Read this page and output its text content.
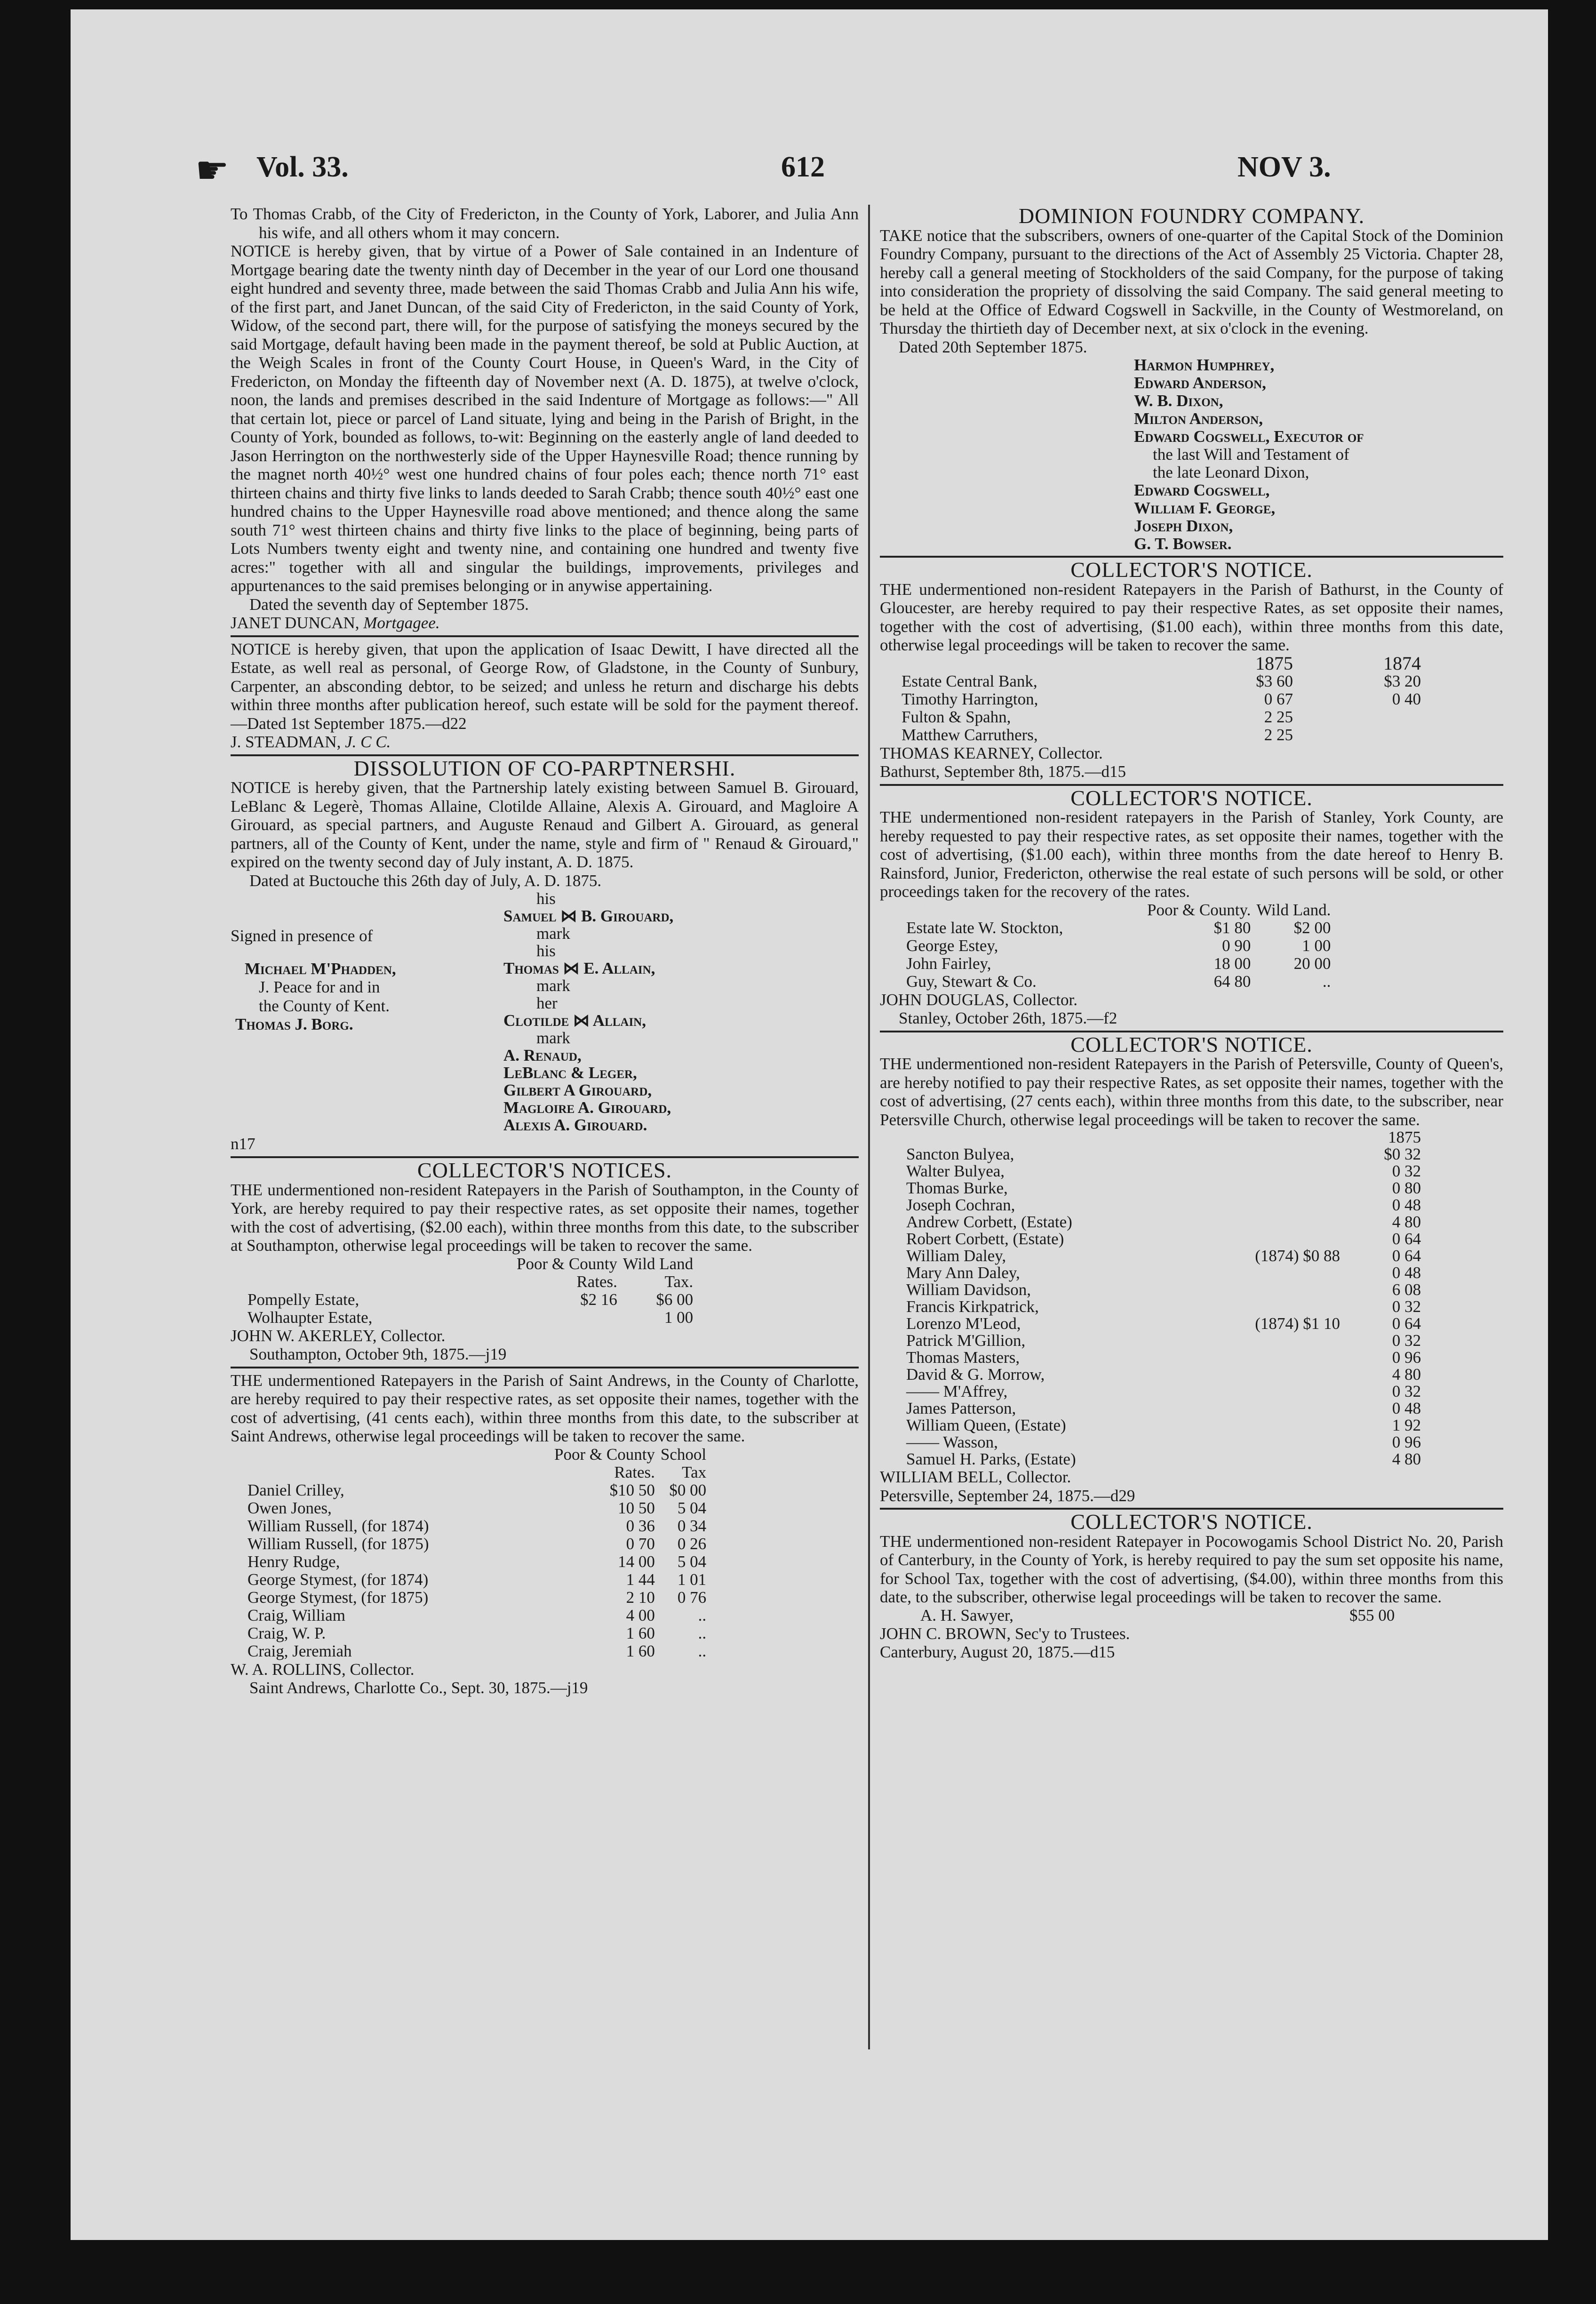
☛ Vol. 33.	612	NOV 3.

To Thomas Crabb, of the City of Fredericton, in the County of York, Laborer, and Julia Ann his wife, and all others whom it may concern.

NOTICE is hereby given, that by virtue of a Power of Sale contained in an Indenture of Mortgage bearing date the twenty ninth day of December in the year of our Lord one thousand eight hundred and seventy three, made between the said Thomas Crabb and Julia Ann his wife, of the first part, and Janet Duncan, of the said City of Fredericton, in the said County of York, Widow, of the second part, there will, for the purpose of satisfying the moneys secured by the said Mortgage, default having been made in the payment thereof, be sold at Public Auction, at the Weigh Scales in front of the County Court House, in Queen's Ward, in the City of Fredericton, on Monday the fifteenth day of November next (A. D. 1875), at twelve o'clock, noon, the lands and premises described in the said Indenture of Mortgage as follows:—" All that certain lot, piece or parcel of Land situate, lying and being in the Parish of Bright, in the County of York, bounded as follows, to-wit: Beginning on the easterly angle of land deeded to Jason Herrington on the northwesterly side of the Upper Haynesville Road; thence running by the magnet north 40½° west one hundred chains of four poles each; thence north 71° east thirteen chains and thirty five links to lands deeded to Sarah Crabb; thence south 40½° east one hundred chains to the Upper Haynesville road above mentioned; and thence along the same south 71° west thirteen chains and thirty five links to the place of beginning, being parts of Lots Numbers twenty eight and twenty nine, and containing one hundred and twenty five acres:" together with all and singular the buildings, improvements, privileges and appurtenances to the said premises belonging or in anywise appertaining.

Dated the seventh day of September 1875.

JANET DUNCAN, Mortgagee.

NOTICE is hereby given, that upon the application of Isaac Dewitt, I have directed all the Estate, as well real as personal, of George Row, of Gladstone, in the County of Sunbury, Carpenter, an absconding debtor, to be seized; and unless he return and discharge his debts within three months after publication hereof, such estate will be sold for the payment thereof.—Dated 1st September 1875.—d22

J. STEADMAN, J. C C.

DISSOLUTION OF CO-PARPTNERSHI.

NOTICE is hereby given, that the Partnership lately existing between Samuel B. Girouard, LeBlanc & Legerè, Thomas Allaine, Clotilde Allaine, Alexis A. Girouard, and Magloire A Girouard, as special partners, and Auguste Renaud and Gilbert A. Girouard, as general partners, all of the County of Kent, under the name, style and firm of " Renaud & Girouard," expired on the twenty second day of July instant, A. D. 1875.

Dated at Buctouche this 26th day of July, A. D. 1875.

Signed in presence of
Michael M'Phadden,
J. Peace for and in
the County of Kent.
Thomas J. Borg.
his
Samuel ⋈ B. Girouard,
mark
his
Thomas ⋈ E. Allain,
mark
her
Clotilde ⋈ Allain,
mark
A. Renaud,
LeBlanc & Leger,
Gilbert A Girouard,
Magloire A. Girouard,
Alexis A. Girouard.
n17
COLLECTOR'S NOTICES.

THE undermentioned non-resident Ratepayers in the Parish of Southampton, in the County of York, are hereby required to pay their respective rates, as set opposite their names, together with the cost of advertising, ($2.00 each), within three months from this date, to the subscriber at Southampton, otherwise legal proceedings will be taken to recover the same.

	Poor & County	Wild Land
	Rates.	Tax.
Pompelly Estate,	$2 16	$6 00
Wolhaupter Estate,		1 00

JOHN W. AKERLEY, Collector.

Southampton, October 9th, 1875.—j19

THE undermentioned Ratepayers in the Parish of Saint Andrews, in the County of Charlotte, are hereby required to pay their respective rates, as set opposite their names, together with the cost of advertising, (41 cents each), within three months from this date, to the subscriber at Saint Andrews, otherwise legal proceedings will be taken to recover the same.

	Poor & County	School
	Rates.	Tax
Daniel Crilley,	$10 50	$0 00
Owen Jones,	10 50	5 04
William Russell, (for 1874)	0 36	0 34
William Russell, (for 1875)	0 70	0 26
Henry Rudge,	14 00	5 04
George Stymest, (for 1874)	1 44	1 01
George Stymest, (for 1875)	2 10	0 76
Craig, William	4 00	..
Craig, W. P.	1 60	..
Craig, Jeremiah	1 60	..

W. A. ROLLINS, Collector.

Saint Andrews, Charlotte Co., Sept. 30, 1875.—j19

DOMINION FOUNDRY COMPANY.

TAKE notice that the subscribers, owners of one-quarter of the Capital Stock of the Dominion Foundry Company, pursuant to the directions of the Act of Assembly 25 Victoria. Chapter 28, hereby call a general meeting of Stockholders of the said Company, for the purpose of taking into consideration the propriety of dissolving the said Company. The said general meeting to be held at the Office of Edward Cogswell in Sackville, in the County of Westmoreland, on Thursday the thirtieth day of December next, at six o'clock in the evening.

Dated 20th September 1875.

Harmon Humphrey,
Edward Anderson,
W. B. Dixon,
Milton Anderson,
Edward Cogswell, Executor of
the last Will and Testament of
the late Leonard Dixon,
Edward Cogswell,
William F. George,
Joseph Dixon,
G. T. Bowser.
COLLECTOR'S NOTICE.

THE undermentioned non-resident Ratepayers in the Parish of Bathurst, in the County of Gloucester, are hereby required to pay their respective Rates, as set opposite their names, together with the cost of advertising, ($1.00 each), within three months from this date, otherwise legal proceedings will be taken to recover the same.

	1875	1874
Estate Central Bank,	$3 60	$3 20
Timothy Harrington,	0 67	0 40
Fulton & Spahn,	2 25	
Matthew Carruthers,	2 25	

THOMAS KEARNEY, Collector.

Bathurst, September 8th, 1875.—d15

COLLECTOR'S NOTICE.

THE undermentioned non-resident ratepayers in the Parish of Stanley, York County, are hereby requested to pay their respective rates, as set opposite their names, together with the cost of advertising, ($1.00 each), within three months from the date hereof to Henry B. Rainsford, Junior, Fredericton, otherwise the real estate of such persons will be sold, or other proceedings taken for the recovery of the rates.

	Poor & County.	Wild Land.
Estate late W. Stockton,	$1 80	$2 00
George Estey,	0 90	1 00
John Fairley,	18 00	20 00
Guy, Stewart & Co.	64 80	..

JOHN DOUGLAS, Collector.

Stanley, October 26th, 1875.—f2

COLLECTOR'S NOTICE.

THE undermentioned non-resident Ratepayers in the Parish of Petersville, County of Queen's, are hereby notified to pay their respective Rates, as set opposite their names, together with the cost of advertising, (27 cents each), within three months from this date, to the subscriber, near Petersville Church, otherwise legal proceedings will be taken to recover the same.

		1875
Sancton Bulyea,		$0 32
Walter Bulyea,		0 32
Thomas Burke,		0 80
Joseph Cochran,		0 48
Andrew Corbett, (Estate)		4 80
Robert Corbett, (Estate)		0 64
William Daley,	(1874) $0 88	0 64
Mary Ann Daley,		0 48
William Davidson,		6 08
Francis Kirkpatrick,		0 32
Lorenzo M'Leod,	(1874) $1 10	0 64
Patrick M'Gillion,		0 32
Thomas Masters,		0 96
David & G. Morrow,		4 80
—— M'Affrey,		0 32
James Patterson,		0 48
William Queen, (Estate)		1 92
—— Wasson,		0 96
Samuel H. Parks, (Estate)		4 80

WILLIAM BELL, Collector.

Petersville, September 24, 1875.—d29

COLLECTOR'S NOTICE.

THE undermentioned non-resident Ratepayer in Pocowogamis School District No. 20, Parish of Canterbury, in the County of York, is hereby required to pay the sum set opposite his name, for School Tax, together with the cost of advertising, ($4.00), within three months from this date, to the subscriber, otherwise legal proceedings will be taken to recover the same.

A. H. Sawyer,	$55 00

JOHN C. BROWN, Sec'y to Trustees.

Canterbury, August 20, 1875.—d15
